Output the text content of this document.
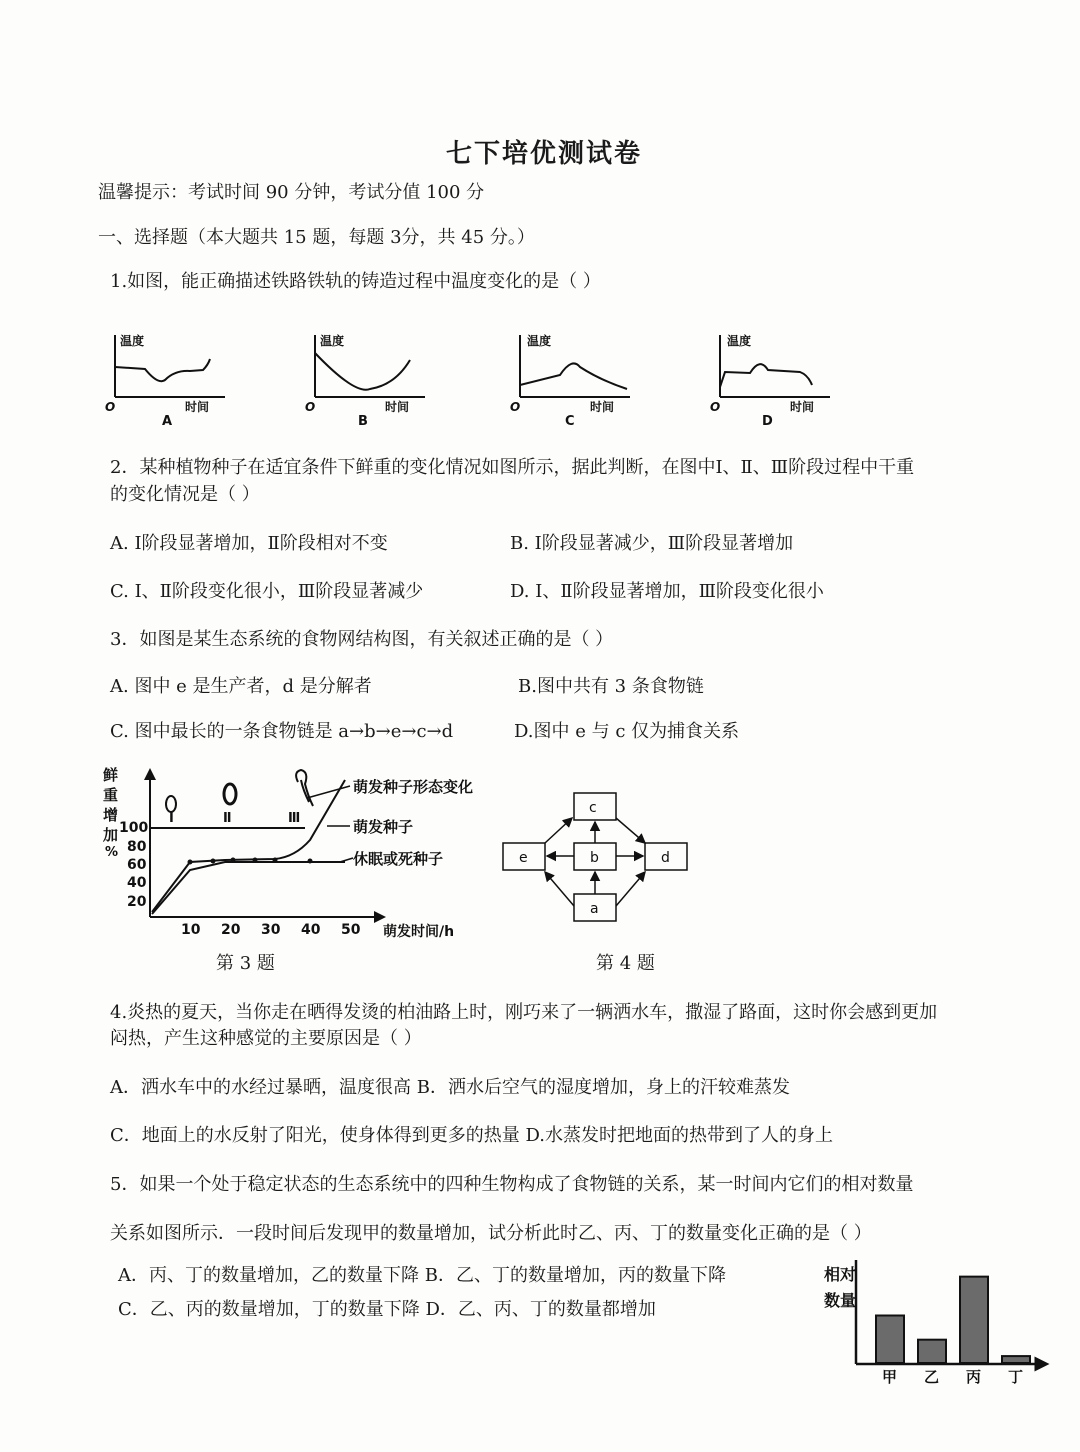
七下培优测试卷
温馨提示：考试时间 90 分钟，考试分值 100 分
一、选择题（本大题共 15 题，每题 3分，共 45 分。）
1.如图，能正确描述铁路铁轨的铸造过程中温度变化的是（ ）
温度
时间
O
A
温度
时间
O
B
温度
时间
O
C
温度
时间
O
D
2．某种植物种子在适宜条件下鲜重的变化情况如图所示，据此判断，在图中Ⅰ、Ⅱ、Ⅲ阶段过程中干重
的变化情况是（ ）
A. Ⅰ阶段显著增加，Ⅱ阶段相对不变	B. Ⅰ阶段显著减少，Ⅲ阶段显著增加
C. Ⅰ、Ⅱ阶段变化很小，Ⅲ阶段显著减少	D. Ⅰ、Ⅱ阶段显著增加，Ⅲ阶段变化很小
3．如图是某生态系统的食物网结构图，有关叙述正确的是（ ）
A. 图中 e 是生产者，d 是分解者	B.图中共有 3 条食物链
C. 图中最长的一条食物链是 a→b→e→c→d	D.图中 e 与 c 仅为捕食关系
鲜
重
增
加
%
100
80
60
40
20
Ⅰ	Ⅱ	Ⅲ
萌发种子形态变化
萌发种子
休眠或死种子
10 20 30 40 50 萌发时间/h
第 3 题
c
e	b	d
a
第 4 题
4.炎热的夏天，当你走在晒得发烫的柏油路上时，刚巧来了一辆洒水车，撒湿了路面，这时你会感到更加
闷热，产生这种感觉的主要原因是（ ）
A．洒水车中的水经过暴晒，温度很高 B．洒水后空气的湿度增加，身上的汗较难蒸发
C．地面上的水反射了阳光，使身体得到更多的热量 D.水蒸发时把地面的热带到了人的身上
5．如果一个处于稳定状态的生态系统中的四种生物构成了食物链的关系，某一时间内它们的相对数量
关系如图所示．一段时间后发现甲的数量增加，试分析此时乙、丙、丁的数量变化正确的是（ ）
A．丙、丁的数量增加，乙的数量下降 B．乙、丁的数量增加，丙的数量下降
C．乙、丙的数量增加，丁的数量下降 D．乙、丙、丁的数量都增加
相对
数量
甲 乙 丙 丁
